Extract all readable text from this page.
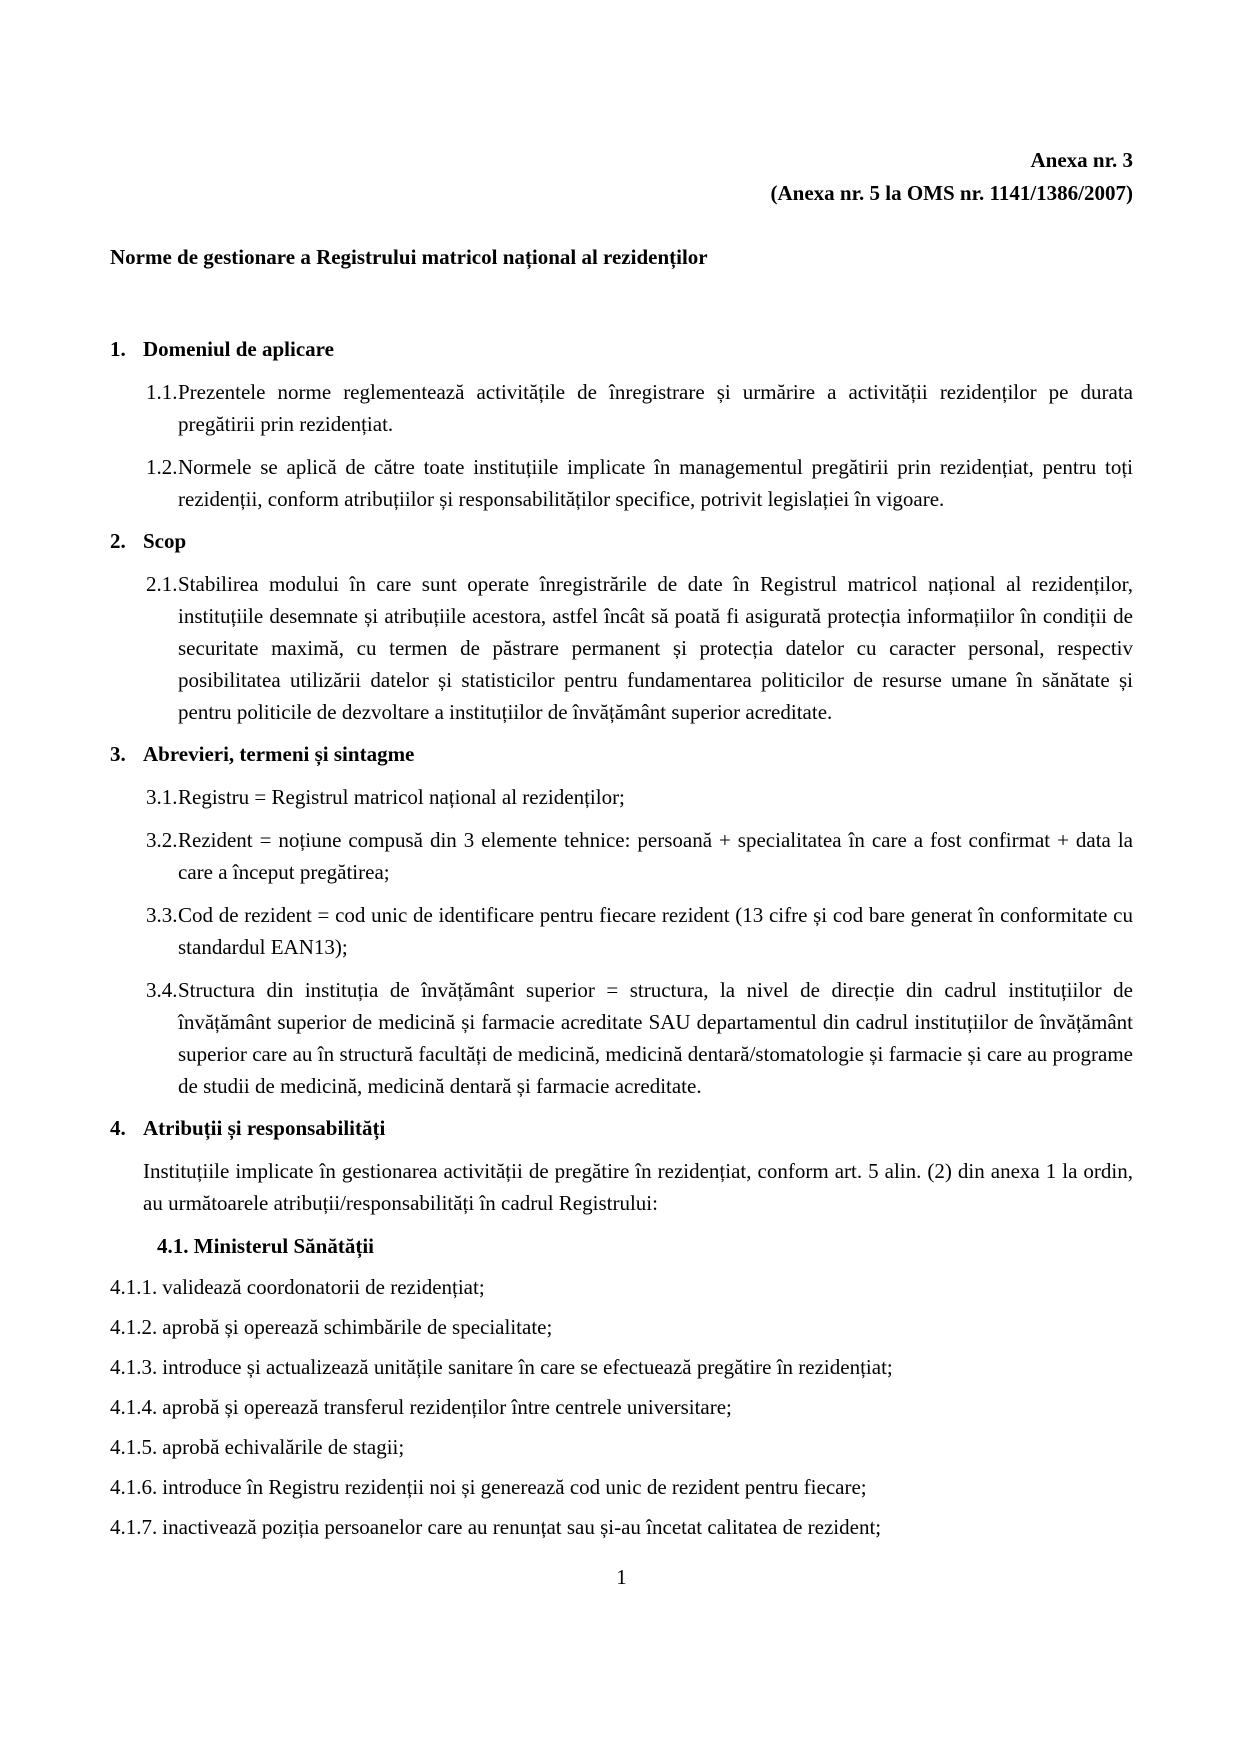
Anexa nr. 3
(Anexa nr. 5 la OMS nr. 1141/1386/2007)
Norme de gestionare a Registrului matricol național al rezidenților
1. Domeniul de aplicare
1.1. Prezentele norme reglementează activitățile de înregistrare și urmărire a activității rezidenților pe durata pregătirii prin rezidențiat.
1.2. Normele se aplică de către toate instituțiile implicate în managementul pregătirii prin rezidențiat, pentru toți rezidenții, conform atribuțiilor și responsabilităților specifice, potrivit legislației în vigoare.
2. Scop
2.1. Stabilirea modului în care sunt operate înregistrările de date în Registrul matricol național al rezidenților, instituțiile desemnate și atribuțiile acestora, astfel încât să poată fi asigurată protecția informațiilor în condiții de securitate maximă, cu termen de păstrare permanent și protecția datelor cu caracter personal, respectiv posibilitatea utilizării datelor și statisticilor pentru fundamentarea politicilor de resurse umane în sănătate și pentru politicile de dezvoltare a instituțiilor de învățământ superior acreditate.
3. Abrevieri, termeni și sintagme
3.1. Registru = Registrul matricol național al rezidenților;
3.2. Rezident = noțiune compusă din 3 elemente tehnice: persoană + specialitatea în care a fost confirmat + data la care a început pregătirea;
3.3. Cod de rezident = cod unic de identificare pentru fiecare rezident (13 cifre și cod bare generat în conformitate cu standardul EAN13);
3.4. Structura din instituția de învățământ superior = structura, la nivel de direcție din cadrul instituțiilor de învățământ superior de medicină și farmacie acreditate SAU departamentul din cadrul instituțiilor de învățământ superior care au în structură facultăți de medicină, medicină dentară/stomatologie și farmacie și care au programe de studii de medicină, medicină dentară și farmacie acreditate.
4. Atribuții și responsabilități
Instituțiile implicate în gestionarea activității de pregătire în rezidențiat, conform art. 5 alin. (2) din anexa 1 la ordin, au următoarele atribuții/responsabilități în cadrul Registrului:
4.1. Ministerul Sănătății
4.1.1. validează coordonatorii de rezidențiat;
4.1.2. aprobă și operează schimbările de specialitate;
4.1.3. introduce și actualizează unitățile sanitare în care se efectuează pregătire în rezidențiat;
4.1.4. aprobă și operează transferul rezidenților între centrele universitare;
4.1.5. aprobă echivalările de stagii;
4.1.6. introduce în Registru rezidenții noi și generează cod unic de rezident pentru fiecare;
4.1.7. inactivează poziția persoanelor care au renunțat sau și-au încetat calitatea de rezident;
1
